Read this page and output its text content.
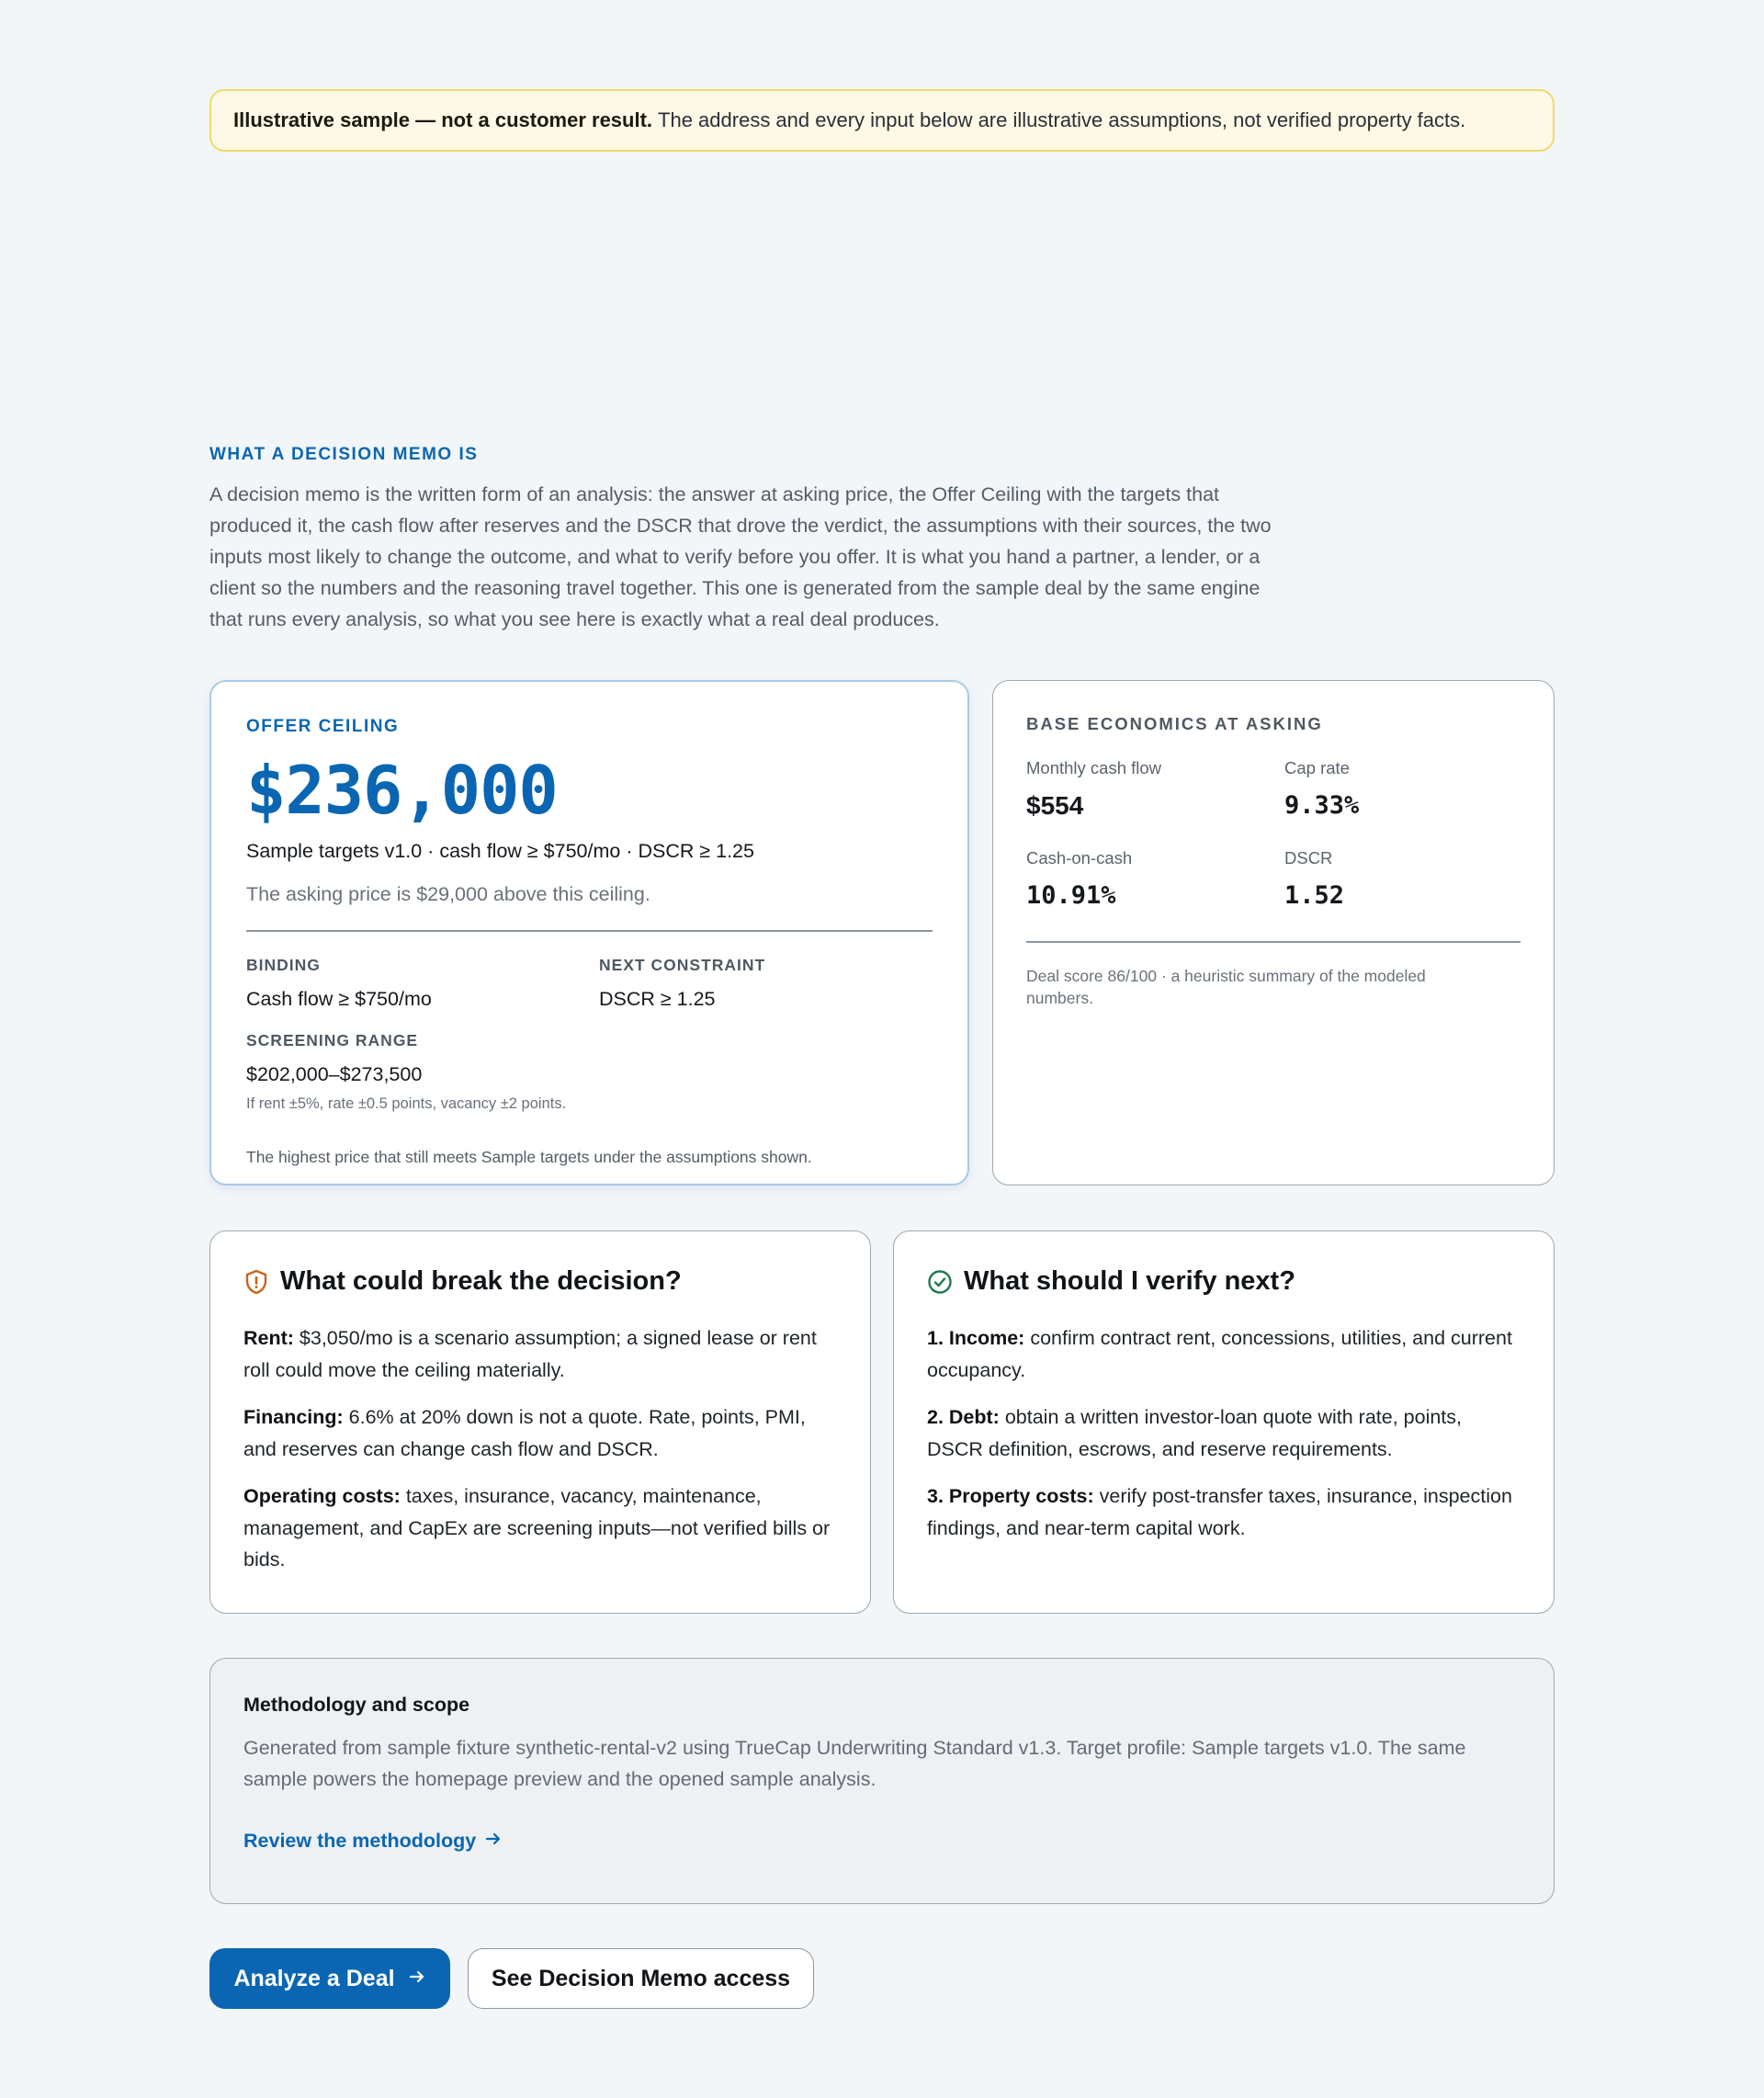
Illustrative sample — not a customer result. The address and every input below are illustrative assumptions, not verified property facts.
WHAT A DECISION MEMO IS

A decision memo is the written form of an analysis: the answer at asking price, the Offer Ceiling with the targets that produced it, the cash flow after reserves and the DSCR that drove the verdict, the assumptions with their sources, the two inputs most likely to change the outcome, and what to verify before you offer. It is what you hand a partner, a lender, or a client so the numbers and the reasoning travel together. This one is generated from the sample deal by the same engine that runs every analysis, so what you see here is exactly what a real deal produces.

OFFER CEILING
$236,000
Sample targets v1.0 · cash flow ≥ $750/mo · DSCR ≥ 1.25
The asking price is $29,000 above this ceiling.
BINDING
Cash flow ≥ $750/mo
NEXT CONSTRAINT
DSCR ≥ 1.25
SCREENING RANGE
$202,000–$273,500
If rent ±5%, rate ±0.5 points, vacancy ±2 points.
The highest price that still meets Sample targets under the assumptions shown.
BASE ECONOMICS AT ASKING
Monthly cash flow
$554
Cap rate
9.33%
Cash-on-cash
10.91%
DSCR
1.52
Deal score 86/100 · a heuristic summary of the modeled numbers.
What could break the decision?

Rent: $3,050/mo is a scenario assumption; a signed lease or rent roll could move the ceiling materially.

Financing: 6.6% at 20% down is not a quote. Rate, points, PMI, and reserves can change cash flow and DSCR.

Operating costs: taxes, insurance, vacancy, maintenance, management, and CapEx are screening inputs—not verified bills or bids.

What should I verify next?

1. Income: confirm contract rent, concessions, utilities, and current occupancy.

2. Debt: obtain a written investor-loan quote with rate, points, DSCR definition, escrows, and reserve requirements.

3. Property costs: verify post-transfer taxes, insurance, inspection findings, and near-term capital work.

Methodology and scope

Generated from sample fixture synthetic-rental-v2 using TrueCap Underwriting Standard v1.3. Target profile: Sample targets v1.0. The same sample powers the homepage preview and the opened sample analysis.

Review the methodology
Analyze a Deal	See Decision Memo access
